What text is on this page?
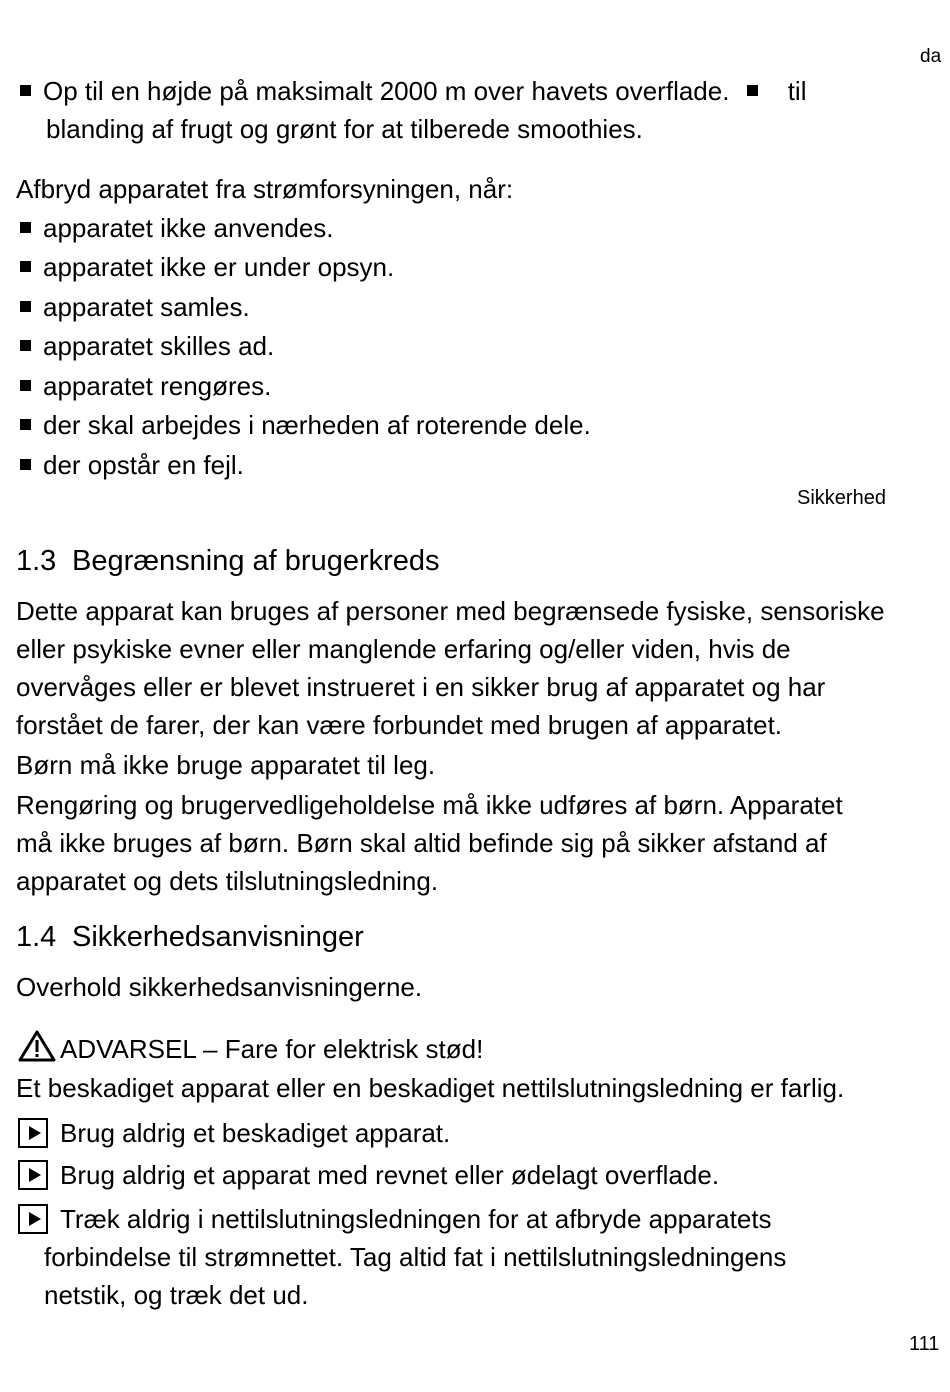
da
Op til en højde på maksimalt 2000 m over havets overflade. til
blanding af frugt og grønt for at tilberede smoothies.
Afbryd apparatet fra strømforsyningen, når:
apparatet ikke anvendes.
apparatet ikke er under opsyn.
apparatet samles.
apparatet skilles ad.
apparatet rengøres.
der skal arbejdes i nærheden af roterende dele.
der opstår en fejl.
Sikkerhed
1.3 Begrænsning af brugerkreds
Dette apparat kan bruges af personer med begrænsede fysiske, sensoriske
eller psykiske evner eller manglende erfaring og/eller viden, hvis de
overvåges eller er blevet instrueret i en sikker brug af apparatet og har
forstået de farer, der kan være forbundet med brugen af apparatet.
Børn må ikke bruge apparatet til leg.
Rengøring og brugervedligeholdelse må ikke udføres af børn. Apparatet
må ikke bruges af børn. Børn skal altid befinde sig på sikker afstand af
apparatet og dets tilslutningsledning.
1.4 Sikkerhedsanvisninger
Overhold sikkerhedsanvisningerne.
ADVARSEL – Fare for elektrisk stød!
Et beskadiget apparat eller en beskadiget nettilslutningsledning er farlig.
Brug aldrig et beskadiget apparat.
Brug aldrig et apparat med revnet eller ødelagt overflade.
Træk aldrig i nettilslutningsledningen for at afbryde apparatets
forbindelse til strømnettet. Tag altid fat i nettilslutningsledningens
netstik, og træk det ud.
111
